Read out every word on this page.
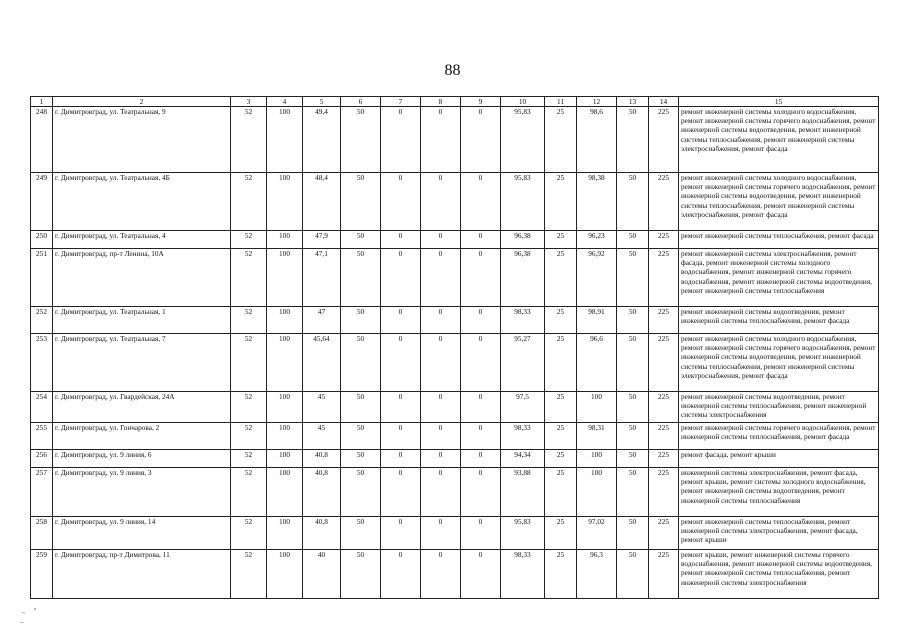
88
1	2	3	4	5	6	7	8	9	10	11	12	13	14	15
248	г. Димитровград, ул. Театральная, 9	52	100	49,4	50	0	0	0	95,83	25	98,6	50	225	ремонт инженерной системы холодного водоснабжения, ремонт инженерной системы горячего водоснабжения, ремонт инженерной системы водоотведения, ремонт инженерной системы теплоснабжения, ремонт инженерной системы электроснабжения, ремонт фасада
249	г. Димитровград, ул. Театральная, 4Б	52	100	48,4	50	0	0	0	95,83	25	98,38	50	225	ремонт инженерной системы холодного водоснабжения, ремонт инженерной системы горячего водоснабжения, ремонт инженерной системы водоотведения, ремонт инженерной системы теплоснабжения, ремонт инженерной системы электроснабжения, ремонт фасада
250	г. Димитровград, ул. Театральная, 4	52	100	47,9	50	0	0	0	96,38	25	96,23	50	225	ремонт инженерной системы теплоснабжения, ремонт фасада
251	г. Димитровград, пр-т Ленина, 10А	52	100	47,1	50	0	0	0	96,38	25	96,92	50	225	ремонт инженерной системы электроснабжения, ремонт фасада, ремонт инженерной системы холодного водоснабжения, ремонт инженерной системы горячего водоснабжения, ремонт инженерной системы водоотведения, ремонт инженерной системы теплоснабжения
252	г. Димитровград, ул. Театральная, 1	52	100	47	50	0	0	0	98,33	25	98,91	50	225	ремонт инженерной системы водоотведения, ремонт инженерной системы теплоснабжения, ремонт фасада
253	г. Димитровград, ул. Театральная, 7	52	100	45,64	50	0	0	0	95,27	25	96,6	50	225	ремонт инженерной системы холодного водоснабжения, ремонт инженерной системы горячего водоснабжения, ремонт инженерной системы водоотведения, ремонт инженерной системы теплоснабжения, ремонт инженерной системы электроснабжения, ремонт фасада
254	г. Димитровград, ул. Гвардейская, 24А	52	100	45	50	0	0	0	97,5	25	100	50	225	ремонт инженерной системы водоотведения, ремонт инженерной системы теплоснабжения, ремонт инженерной системы электроснабжения
255	г. Димитровград, ул. Гончарова, 2	52	100	45	50	0	0	0	98,33	25	98,31	50	225	ремонт инженерной системы горячего водоснабжения, ремонт инженерной системы теплоснабжения, ремонт фасада
256	г. Димитровград, ул. 9 линия, 6	52	100	40,8	50	0	0	0	94,34	25	100	50	225	ремонт фасада, ремонт крыши
257	г. Димитровград, ул. 9 линия, 3	52	100	40,8	50	0	0	0	93,88	25	100	50	225	инженерной системы электроснабжения, ремонт фасада, ремонт крыши, ремонт системы холодного водоснабжения, ремонт инженерной системы водоотведения, ремонт инженерной системы теплоснабжения
258	г. Димитровград, ул. 9 линия, 14	52	100	40,8	50	0	0	0	95,83	25	97,02	50	225	ремонт инженерной системы теплоснабжения, ремонт инженерной системы электроснабжения, ремонт фасада, ремонт крыши
259	г. Димитровград, пр-т Димитрова, 11	52	100	40	50	0	0	0	98,33	25	96,3	50	225	ремонт крыши, ремонт инженерной системы горячего водоснабжения, ремонт инженерной системы водоотведения, ремонт инженерной системы теплоснабжения, ремонт инженерной системы электроснабжения
